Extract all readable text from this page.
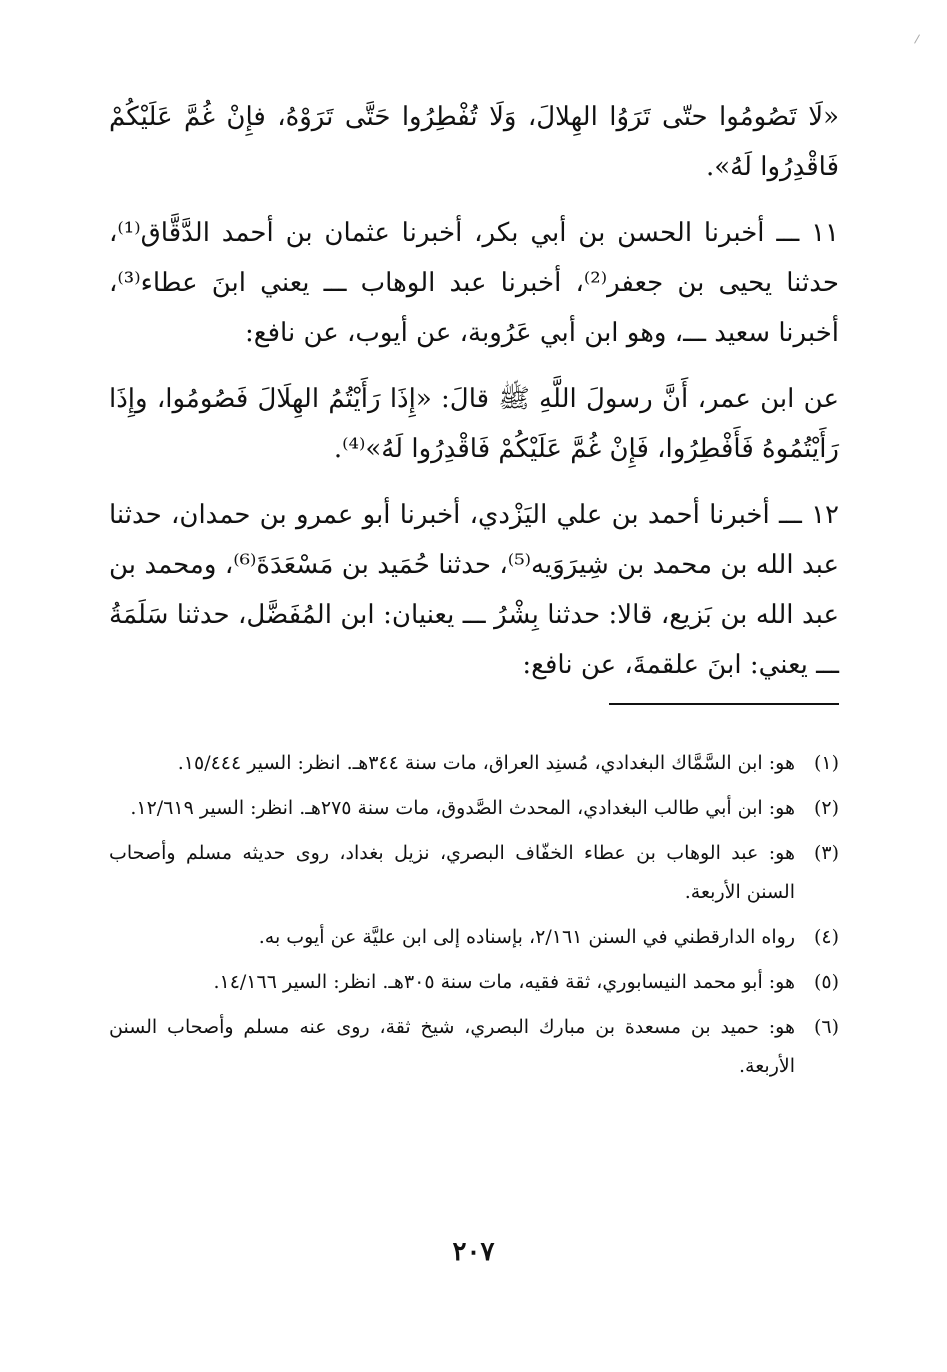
«لَا تَصُومُوا حتّى تَرَوُا الهِلالَ، وَلَا تُفْطِرُوا حَتَّى تَرَوْهُ، فإِنْ غُمَّ عَلَيْكُمْ فَاقْدِرُوا لَهُ».

١١ ـــ أخبرنا الحسن بن أبي بكر، أخبرنا عثمان بن أحمد الدَّقَّاق⁽¹⁾، حدثنا يحيى بن جعفر⁽²⁾، أخبرنا عبد الوهاب ـــ يعني ابنَ عطاء⁽³⁾، أخبرنا سعيد ـــ، وهو ابن أبي عَرُوبة، عن أيوب، عن نافع:

عن ابن عمر، أَنَّ رسولَ اللَّهِ ﷺ قالَ: «إِذَا رَأَيْتُمُ الهِلَالَ فَصُومُوا، وإِذَا رَأَيْتُمُوهُ فَأَفْطِرُوا، فَإِنْ غُمَّ عَلَيْكُمْ فَاقْدِرُوا لَهُ»⁽⁴⁾.

١٢ ـــ أخبرنا أحمد بن علي اليَزْدي، أخبرنا أبو عمرو بن حمدان، حدثنا عبد الله بن محمد بن شِيرَوَيه⁽⁵⁾، حدثنا حُمَيد بن مَسْعَدَةَ⁽⁶⁾، ومحمد بن عبد الله بن بَزيع، قالا: حدثنا بِشْرُ ـــ يعنيان: ابن المُفَضَّل، حدثنا سَلَمَةُ ـــ يعني: ابنَ علقمةَ، عن نافع:

(١)
هو: ابن السَّمَّاك البغدادي، مُسنِد العراق، مات سنة ٣٤٤هـ. انظر: السير ١٥/٤٤٤.
(٢)
هو: ابن أبي طالب البغدادي، المحدث الصَّدوق، مات سنة ٢٧٥هـ. انظر: السير ١٢/٦١٩.
(٣)
هو: عبد الوهاب بن عطاء الخفّاف البصري، نزيل بغداد، روى حديثه مسلم وأصحاب السنن الأربعة.
(٤)
رواه الدارقطني في السنن ٢/١٦١، بإسناده إلى ابن عليَّة عن أيوب به.
(٥)
هو: أبو محمد النيسابوري، ثقة فقيه، مات سنة ٣٠٥هـ. انظر: السير ١٤/١٦٦.
(٦)
هو: حميد بن مسعدة بن مبارك البصري، شيخ ثقة، روى عنه مسلم وأصحاب السنن الأربعة.
٢٠٧
